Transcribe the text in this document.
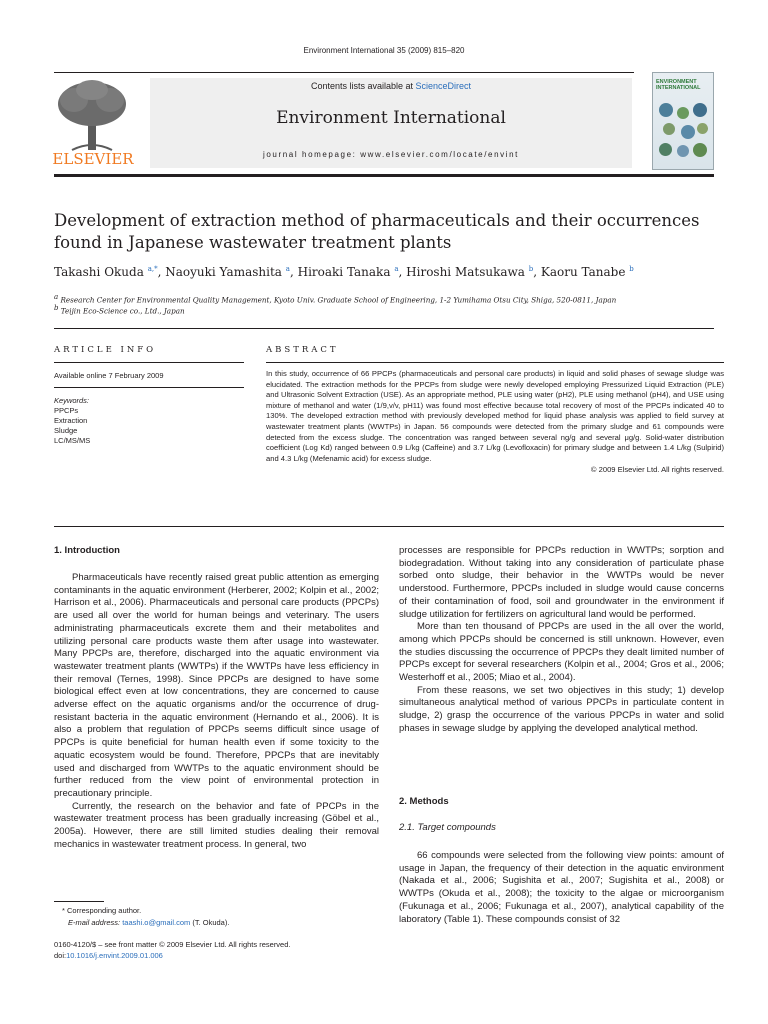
Environment International 35 (2009) 815–820
ELSEVIER
Contents lists available at ScienceDirect
Environment International
journal homepage: www.elsevier.com/locate/envint
ENVIRONMENT INTERNATIONAL
Development of extraction method of pharmaceuticals and their occurrences found in Japanese wastewater treatment plants
Takashi Okuda $^{a,*}$, Naoyuki Yamashita $^a$, Hiroaki Tanaka $^a$, Hiroshi Matsukawa $^b$, Kaoru Tanabe $^b$
$^a$ Research Center for Environmental Quality Management, Kyoto Univ. Graduate School of Engineering, 1-2 Yumihama Otsu City, Shiga, 520-0811, Japan
$^b$ Teijin Eco-Science co., Ltd., Japan
ARTICLE INFO
Available online 7 February 2009
Keywords:
PPCPs
Extraction
Sludge
LC/MS/MS
ABSTRACT
In this study, occurrence of 66 PPCPs (pharmaceuticals and personal care products) in liquid and solid phases of sewage sludge was elucidated. The extraction methods for the PPCPs from sludge were newly developed employing Pressurized Liquid Extraction (PLE) and Ultrasonic Solvent Extraction (USE). As an appropriate method, PLE using water (pH2), PLE using methanol (pH4), and USE using mixture of methanol and water (1/9,v/v, pH11) was found most effective because total recovery of most of the PPCPs indicated 40 to 130%. The developed extraction method with previously developed method for liquid phase analysis was applied to field survey at wastewater treatment plants (WWTPs) in Japan. 56 compounds were detected from the primary sludge and 61 compounds were detected from the excess sludge. The concentration was ranged between several ng/g and several μg/g. Solid-water distribution coefficient (Log Kd) ranged between 0.9 L/kg (Caffeine) and 3.7 L/kg (Levofloxacin) for primary sludge and between 1.4 L/kg (Sulpirid) and 4.3 L/kg (Mefenamic acid) for excess sludge.
© 2009 Elsevier Ltd. All rights reserved.
1. Introduction

Pharmaceuticals have recently raised great public attention as emerging contaminants in the aquatic environment (Herberer, 2002; Kolpin et al., 2002; Harrison et al., 2006). Pharmaceuticals and personal care products (PPCPs) are used all over the world for human beings and veterinary. The users administrating pharmaceuticals excrete them and their metabolites and utilizing personal care products waste them after usage into wastewater. Many PPCPs are, therefore, discharged into the aquatic environment via wastewater treatment plants (WWTPs) if the WWTPs have less efficiency in their removal (Ternes, 1998). Since PPCPs are designed to have some biological effect even at low concentrations, they are concerned to cause adverse effect on the aquatic organisms and/or the occurrence of drug-resistant bacteria in the aquatic environment (Hernando et al., 2006). It is also a problem that regulation of PPCPs seems difficult since usage of PPCPs is quite beneficial for human health even if some toxicity to the aquatic ecosystem would be found. Therefore, PPCPs that are inevitably used and discharged from WWTPs to the aquatic environment should be further reduced from the view point of environmental protection in precautionary principle.

Currently, the research on the behavior and fate of PPCPs in the wastewater treatment process has been gradually increasing (Göbel et al., 2005a). However, there are still limited studies dealing their removal mechanics in wastewater treatment process. In general, two

processes are responsible for PPCPs reduction in WWTPs; sorption and biodegradation. Without taking into any consideration of particulate phase sorbed onto sludge, their behavior in the WWTPs would be never understood. Furthermore, PPCPs included in sludge would cause concerns of their contamination of food, soil and groundwater in the environment if sludge utilization for fertilizers on agricultural land would be performed.

More than ten thousand of PPCPs are used in the all over the world, among which PPCPs should be concerned is still unknown. However, even the studies discussing the occurrence of PPCPs they dealt limited number of PPCPs except for several researchers (Kolpin et al., 2004; Gros et al., 2006; Westerhoff et al., 2005; Miao et al., 2004).

From these reasons, we set two objectives in this study; 1) develop simultaneous analytical method of various PPCPs in particulate content in sludge, 2) grasp the occurrence of the various PPCPs in water and solid phases in sewage sludge by applying the developed analytical method.

2. Methods
2.1. Target compounds

66 compounds were selected from the following view points: amount of usage in Japan, the frequency of their detection in the aquatic environment (Nakada et al., 2006; Sugishita et al., 2007; Sugishita et al., 2008) or WWTPs (Okuda et al., 2008); the toxicity to the algae or microorganism (Fukunaga et al., 2006; Fukunaga et al., 2007), analytical capability of the laboratory (Table 1). These compounds consist of 32

* Corresponding author.
E-mail address: taashi.o@gmail.com (T. Okuda).
0160-4120/$ – see front matter © 2009 Elsevier Ltd. All rights reserved.
doi:10.1016/j.envint.2009.01.006
